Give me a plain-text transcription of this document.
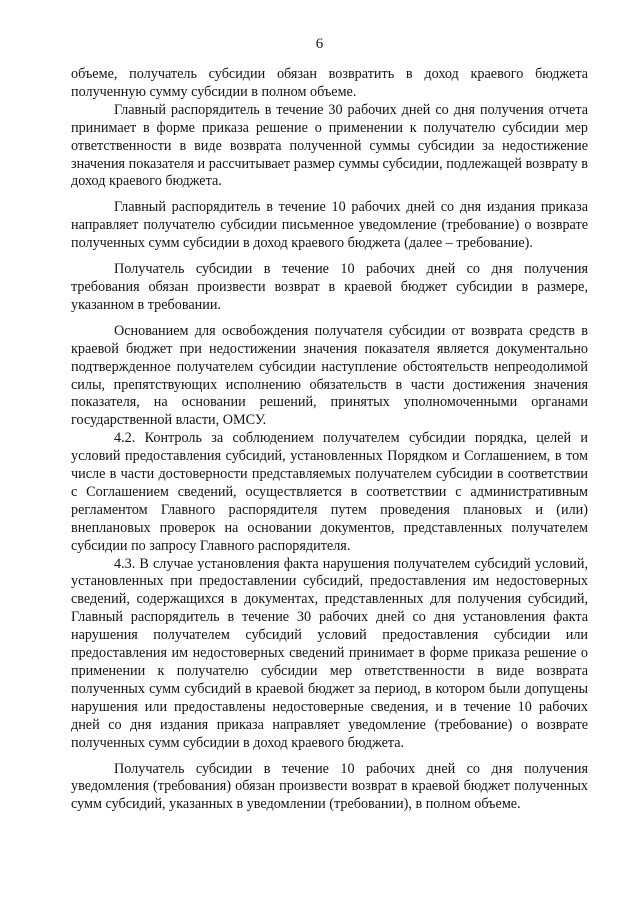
6

объеме, получатель субсидии обязан возвратить в доход краевого бюджета полученную сумму субсидии в полном объеме.

Главный распорядитель в течение 30 рабочих дней со дня получения отчета принимает в форме приказа решение о применении к получателю субсидии мер ответственности в виде возврата полученной суммы субсидии за недостижение значения показателя и рассчитывает размер суммы субсидии, подлежащей возврату в доход краевого бюджета.

Главный распорядитель в течение 10 рабочих дней со дня издания приказа направляет получателю субсидии письменное уведомление (требование) о возврате полученных сумм субсидии в доход краевого бюджета (далее – требование).

Получатель субсидии в течение 10 рабочих дней со дня получения требования обязан произвести возврат в краевой бюджет субсидии в размере, указанном в требовании.

Основанием для освобождения получателя субсидии от возврата средств в краевой бюджет при недостижении значения показателя является документально подтвержденное получателем субсидии наступление обстоятельств непреодолимой силы, препятствующих исполнению обязательств в части достижения значения показателя, на основании решений, принятых уполномоченными органами государственной власти, ОМСУ.

4.2. Контроль за соблюдением получателем субсидии порядка, целей и условий предоставления субсидий, установленных Порядком и Соглашением, в том числе в части достоверности представляемых получателем субсидии в соответствии с Соглашением сведений, осуществляется в соответствии с административным регламентом Главного распорядителя путем проведения плановых и (или) внеплановых проверок на основании документов, представленных получателем субсидии по запросу Главного распорядителя.

4.3. В случае установления факта нарушения получателем субсидий условий, установленных при предоставлении субсидий, предоставления им недостоверных сведений, содержащихся в документах, представленных для получения субсидий, Главный распорядитель в течение 30 рабочих дней со дня установления факта нарушения получателем субсидий условий предоставления субсидии или предоставления им недостоверных сведений принимает в форме приказа решение о применении к получателю субсидии мер ответственности в виде возврата полученных сумм субсидий в краевой бюджет за период, в котором были допущены нарушения или предоставлены недостоверные сведения, и в течение 10 рабочих дней со дня издания приказа направляет уведомление (требование) о возврате полученных сумм субсидии в доход краевого бюджета.

Получатель субсидии в течение 10 рабочих дней со дня получения уведомления (требования) обязан произвести возврат в краевой бюджет полученных сумм субсидий, указанных в уведомлении (требовании), в полном объеме.
